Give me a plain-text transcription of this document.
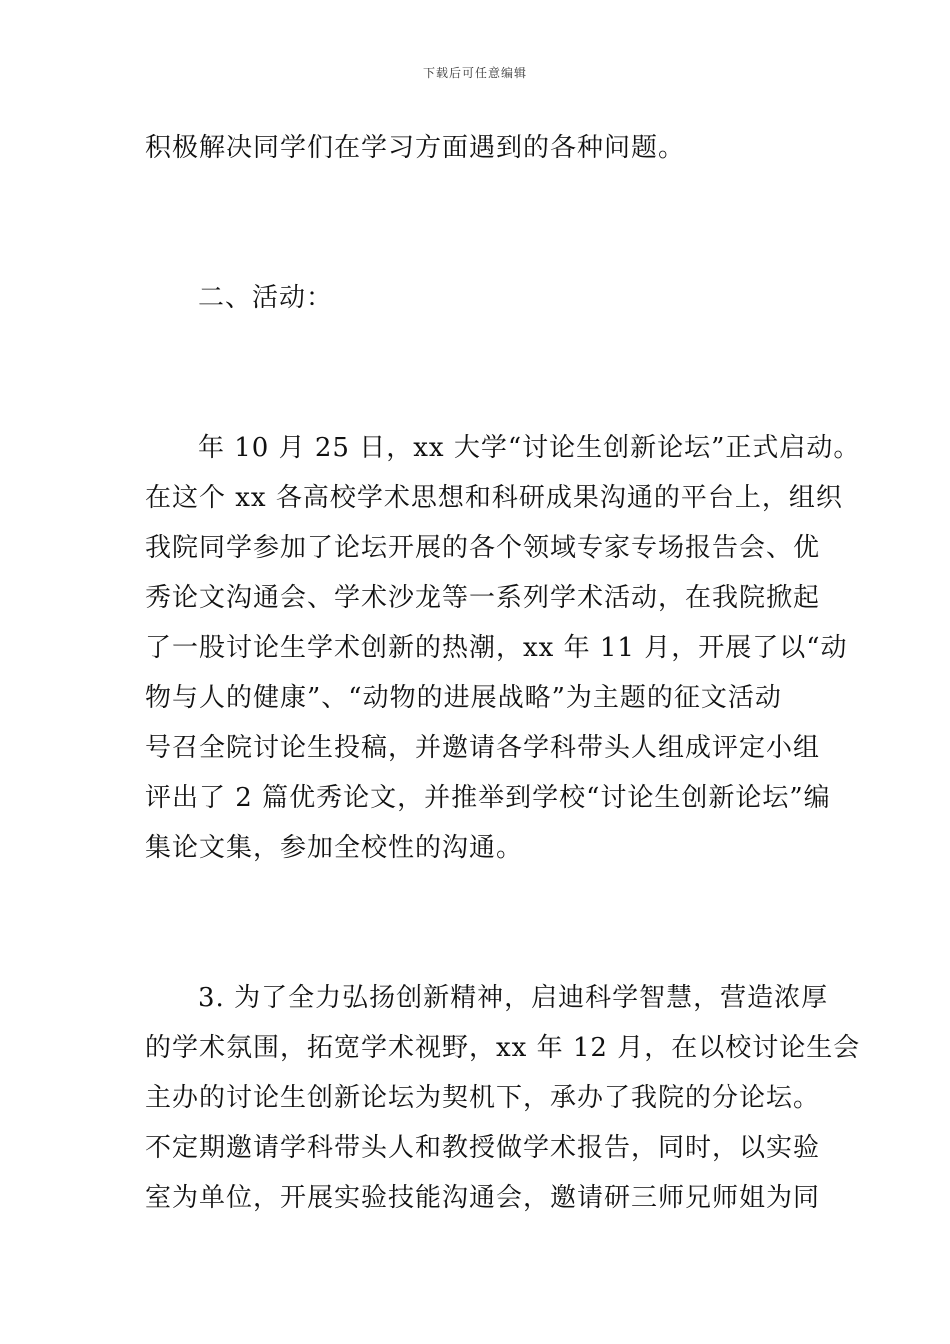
下载后可任意编辑
积极解决同学们在学习方面遇到的各种问题。
二、活动：
年 10 月 25 日，xx 大学“讨论生创新论坛”正式启动。
在这个 xx 各高校学术思想和科研成果沟通的平台上，组织
我院同学参加了论坛开展的各个领域专家专场报告会、优
秀论文沟通会、学术沙龙等一系列学术活动，在我院掀起
了一股讨论生学术创新的热潮，xx 年 11 月，开展了以“动
物与人的健康”、“动物的进展战略”为主题的征文活动
号召全院讨论生投稿，并邀请各学科带头人组成评定小组
评出了 2 篇优秀论文，并推举到学校“讨论生创新论坛”编
集论文集，参加全校性的沟通。
3. 为了全力弘扬创新精神，启迪科学智慧，营造浓厚
的学术氛围，拓宽学术视野，xx 年 12 月，在以校讨论生会
主办的讨论生创新论坛为契机下，承办了我院的分论坛。
不定期邀请学科带头人和教授做学术报告，同时，以实验
室为单位，开展实验技能沟通会，邀请研三师兄师姐为同
